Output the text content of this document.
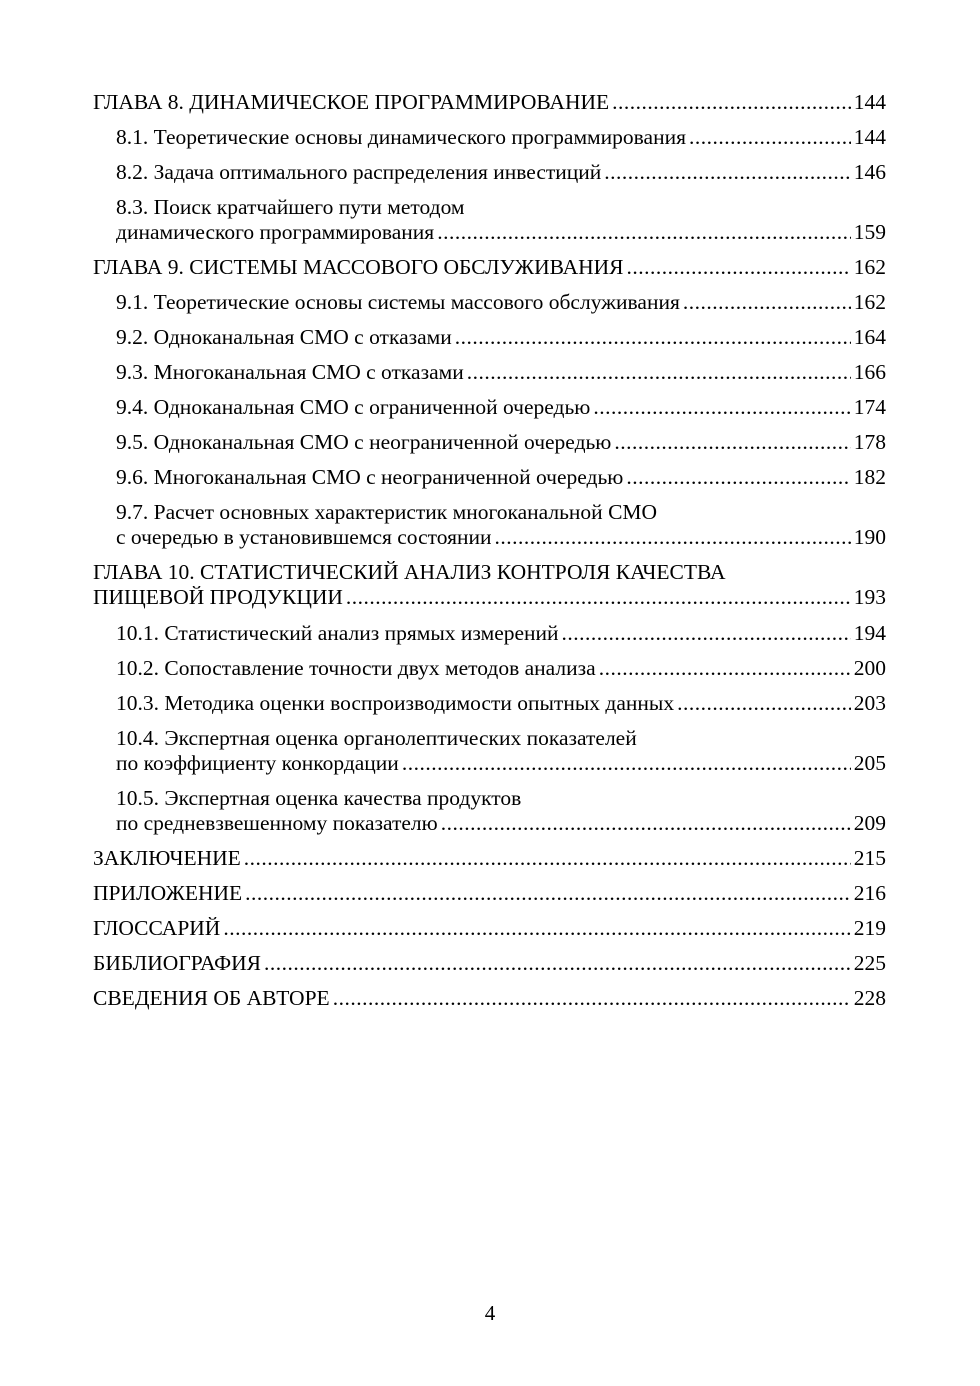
ГЛАВА 8. ДИНАМИЧЕСКОЕ ПРОГРАММИРОВАНИЕ .....	144
8.1. Теоретические основы динамического программирования .....	144
8.2. Задача оптимального распределения инвестиций .....	146
8.3. Поиск кратчайшего пути методом
динамического программирования .....	159
ГЛАВА 9. СИСТЕМЫ МАССОВОГО ОБСЛУЖИВАНИЯ .....	162
9.1. Теоретические основы системы массового обслуживания .....	162
9.2. Одноканальная СМО с отказами .....	164
9.3. Многоканальная СМО с отказами .....	166
9.4. Одноканальная СМО с ограниченной очередью .....	174
9.5. Одноканальная СМО с неограниченной очередью .....	178
9.6. Многоканальная СМО с неограниченной очередью .....	182
9.7. Расчет основных характеристик многоканальной СМО
с очередью в установившемся состоянии .....	190
ГЛАВА 10. СТАТИСТИЧЕСКИЙ АНАЛИЗ КОНТРОЛЯ КАЧЕСТВА
ПИЩЕВОЙ ПРОДУКЦИИ .....	193
10.1. Статистический анализ прямых измерений .....	194
10.2. Сопоставление точности двух методов анализа .....	200
10.3. Методика оценки воспроизводимости опытных данных .....	203
10.4. Экспертная оценка органолептических показателей
по коэффициенту конкордации .....	205
10.5. Экспертная оценка качества продуктов
по средневзвешенному показателю .....	209
ЗАКЛЮЧЕНИЕ .....	215
ПРИЛОЖЕНИЕ .....	216
ГЛОССАРИЙ .....	219
БИБЛИОГРАФИЯ .....	225
СВЕДЕНИЯ ОБ АВТОРЕ .....	228
4
